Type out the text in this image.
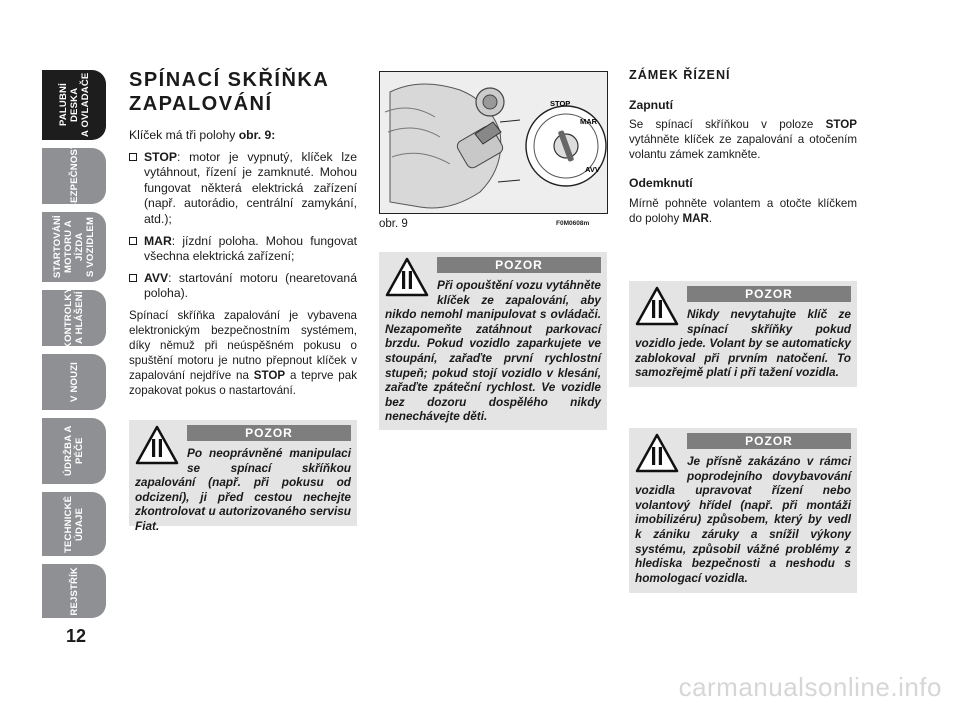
PALUBNÍ DESKA
A OVLADAČE
BEZPEČNOST
STARTOVÁNÍ
MOTORU A JÍZDA
S VOZIDLEM
KONTROLKY
A HLÁŠENÍ
V NOUZI
ÚDRŽBA A PÉČE
TECHNICKÉ ÚDAJE
REJSTŘÍK
12
SPÍNACÍ SKŘÍŇKA
ZAPALOVÁNÍ

Klíček má tři polohy obr. 9:

STOP: motor je vypnutý, klíček lze vytáhnout, řízení je zamknuté. Mohou fungovat některá elektrická zařízení (např. autorádio, centrální zamykání, atd.);
MAR: jízdní poloha. Mohou fungovat všechna elektrická zařízení;
AVV: startování motoru (nearetovaná poloha).

Spínací skříňka zapalování je vybavena elektronickým bezpečnostním systémem, díky němuž při neúspěšném pokusu o spuštění motoru je nutno přepnout klíček v zapalování nejdříve na STOP a teprve pak zopakovat pokus o nastartování.

POZOR
Po neoprávněné manipulaci se spínací skříňkou zapalování (např. při pokusu od odcizení), ji před cestou nechejte zkontrolovat u autorizovaného servisu Fiat.
STOP
MAR
AVV
obr. 9	F0M0608m
POZOR
Při opouštění vozu vytáhněte klíček ze zapalování, aby nikdo nemohl manipulovat s ovládači. Nezapomeňte zatáhnout parkovací brzdu. Pokud vozidlo zaparkujete ve stoupání, zařaďte první rychlostní stupeň; pokud stojí vozidlo v klesání, zařaďte zpáteční rychlost. Ve vozidle bez dozoru dospělého nikdy nenechávejte děti.
ZÁMEK ŘÍZENÍ
Zapnutí

Se spínací skříňkou v poloze STOP vytáhněte klíček ze zapalování a otočením volantu zámek zamkněte.

Odemknutí

Mírně pohněte volantem a otočte klíčkem do polohy MAR.

POZOR
Nikdy nevytahujte klíč ze spínací skříňky pokud vozidlo jede. Volant by se automaticky zablokoval při prvním natočení. To samozřejmě platí i při tažení vozidla.
POZOR
Je přísně zakázáno v rámci poprodejního dovybavování vozidla upravovat řízení nebo volantový hřídel (např. při montáži imobilizéru) způsobem, který by vedl k zániku záruky a snížil výkony systému, způsobil vážné problémy z hlediska bezpečnosti a neshodu s homologací vozidla.
carmanualsonline.info
